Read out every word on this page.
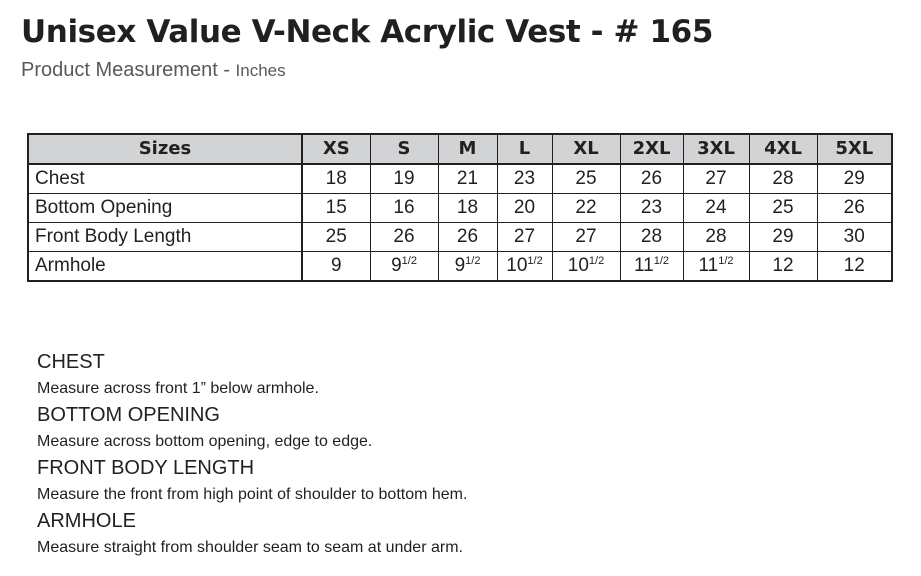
Unisex Value V-Neck Acrylic Vest - # 165
Product Measurement - Inches
Sizes	XS	S	M	L	XL	2XL	3XL	4XL	5XL
Chest	18	19	21	23	25	26	27	28	29
Bottom Opening	15	16	18	20	22	23	24	25	26
Front Body Length	25	26	26	27	27	28	28	29	30
Armhole	9	$9^{1/2}$	$9^{1/2}$	$10^{1/2}$	$10^{1/2}$	$11^{1/2}$	$11^{1/2}$	12	12
CHEST
Measure across front 1” below armhole.
BOTTOM OPENING
Measure across bottom opening, edge to edge.
FRONT BODY LENGTH
Measure the front from high point of shoulder to bottom hem.
ARMHOLE
Measure straight from shoulder seam to seam at under arm.
